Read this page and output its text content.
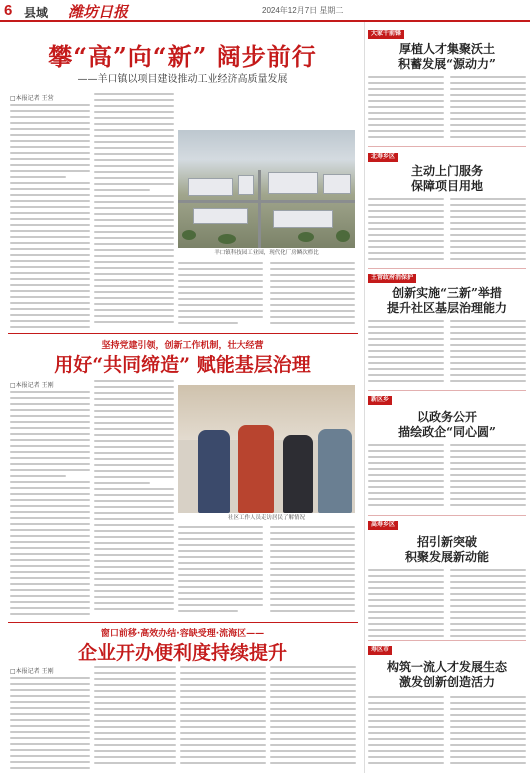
6 县域 潍坊日报	2024年12月7日 星期二
攀“高”向“新” 阔步前行
——羊口镇以项目建设推动工业经济高质量发展
□本报记者 王营
羊口镇科技园工业园，现代化厂房鳞次栉比
坚持党建引领，创新工作机制，壮大经营
用好“共同缔造” 赋能基层治理
□本报记者 王刚
社区工作人员走访居民了解情况
窗口前移·高效办结·容缺受理·流海区——
企业开办便利度持续提升
□本报记者 王刚
大家干前锋
厚植人才集聚沃土
积蓄发展“源动力”
北寿乡区
主动上门服务
保障项目用地
王营政府消保护
创新实施“三新”举措
提升社区基层治理能力
新区乡
以政务公开
描绘政企“同心圆”
高寿乡区
招引新突破
积聚发展新动能
寿区市
构筑一流人才发展生态
激发创新创造活力
